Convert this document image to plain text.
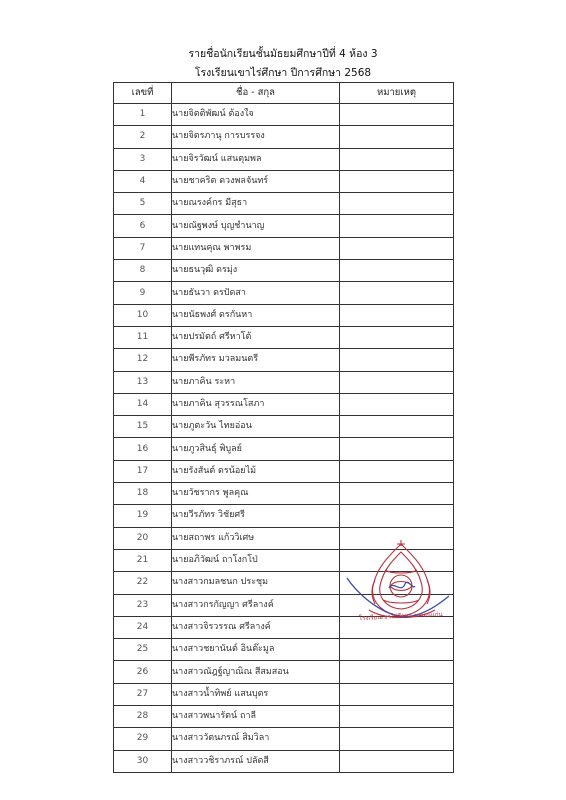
รายชื่อนักเรียนชั้นมัธยมศึกษาปีที่ 4 ห้อง 3
โรงเรียนเขาไร่ศึกษา ปีการศึกษา 2568
เลขที่	ชื่อ - สกุล	หมายเหตุ
1	นายจิตติพัฒน์ ต้องใจ	
2	นายจิตรภานุ การบรรจง	
3	นายจิรวัฒน์ แสนตุมพล	
4	นายชาคริต ดวงพลจันทร์	
5	นายณรงค์กร มีสุธา	
6	นายณัฐพงษ์ บุญชำนาญ	
7	นายแทนคุณ พาพรม	
8	นายธนวุฒิ ดรมุ่ง	
9	นายธันวา ดรปัดสา	
10	นายนัธพงศ์ ดรกันหา	
11	นายปรมัตถ์ ศรีหาโต้	
12	นายพีรภัทร มวลมนตรี	
13	นายภาคิน ระหา	
14	นายภาคิน สุวรรณโสภา	
15	นายภูตะวัน ไทยอ่อน	
16	นายภูวสินธุ์ พิบูลย์	
17	นายรังสันต์ ดรน้อยไม้	
18	นายวัชรากร พูลคุณ	
19	นายวีรภัทร วิชัยศรี	
20	นายสถาพร แก้ววิเศษ	
21	นายอภิวัฒน์ ถาโงกโป่	
22	นางสาวกมลชนก ประชุม	
23	นางสาวกรกัญญา ศรีลางค์	
24	นางสาวจิรวรรณ ศรีลางค์	
25	นางสาวชยานันต์ อินต๊ะมูล	
26	นางสาวณัฎฐ์ญาณิณ สีสมสอน	
27	นางสาวน้ำทิพย์ แสนบุตร	
28	นางสาวพนารัตน์ ถาลี	
29	นางสาววัตนภรณ์ สิมวิลา	
30	นางสาววชิราภรณ์ ปลัดสี	
โรงเรียนเขาไร่ศึกษา จ.ขอนแก่น
